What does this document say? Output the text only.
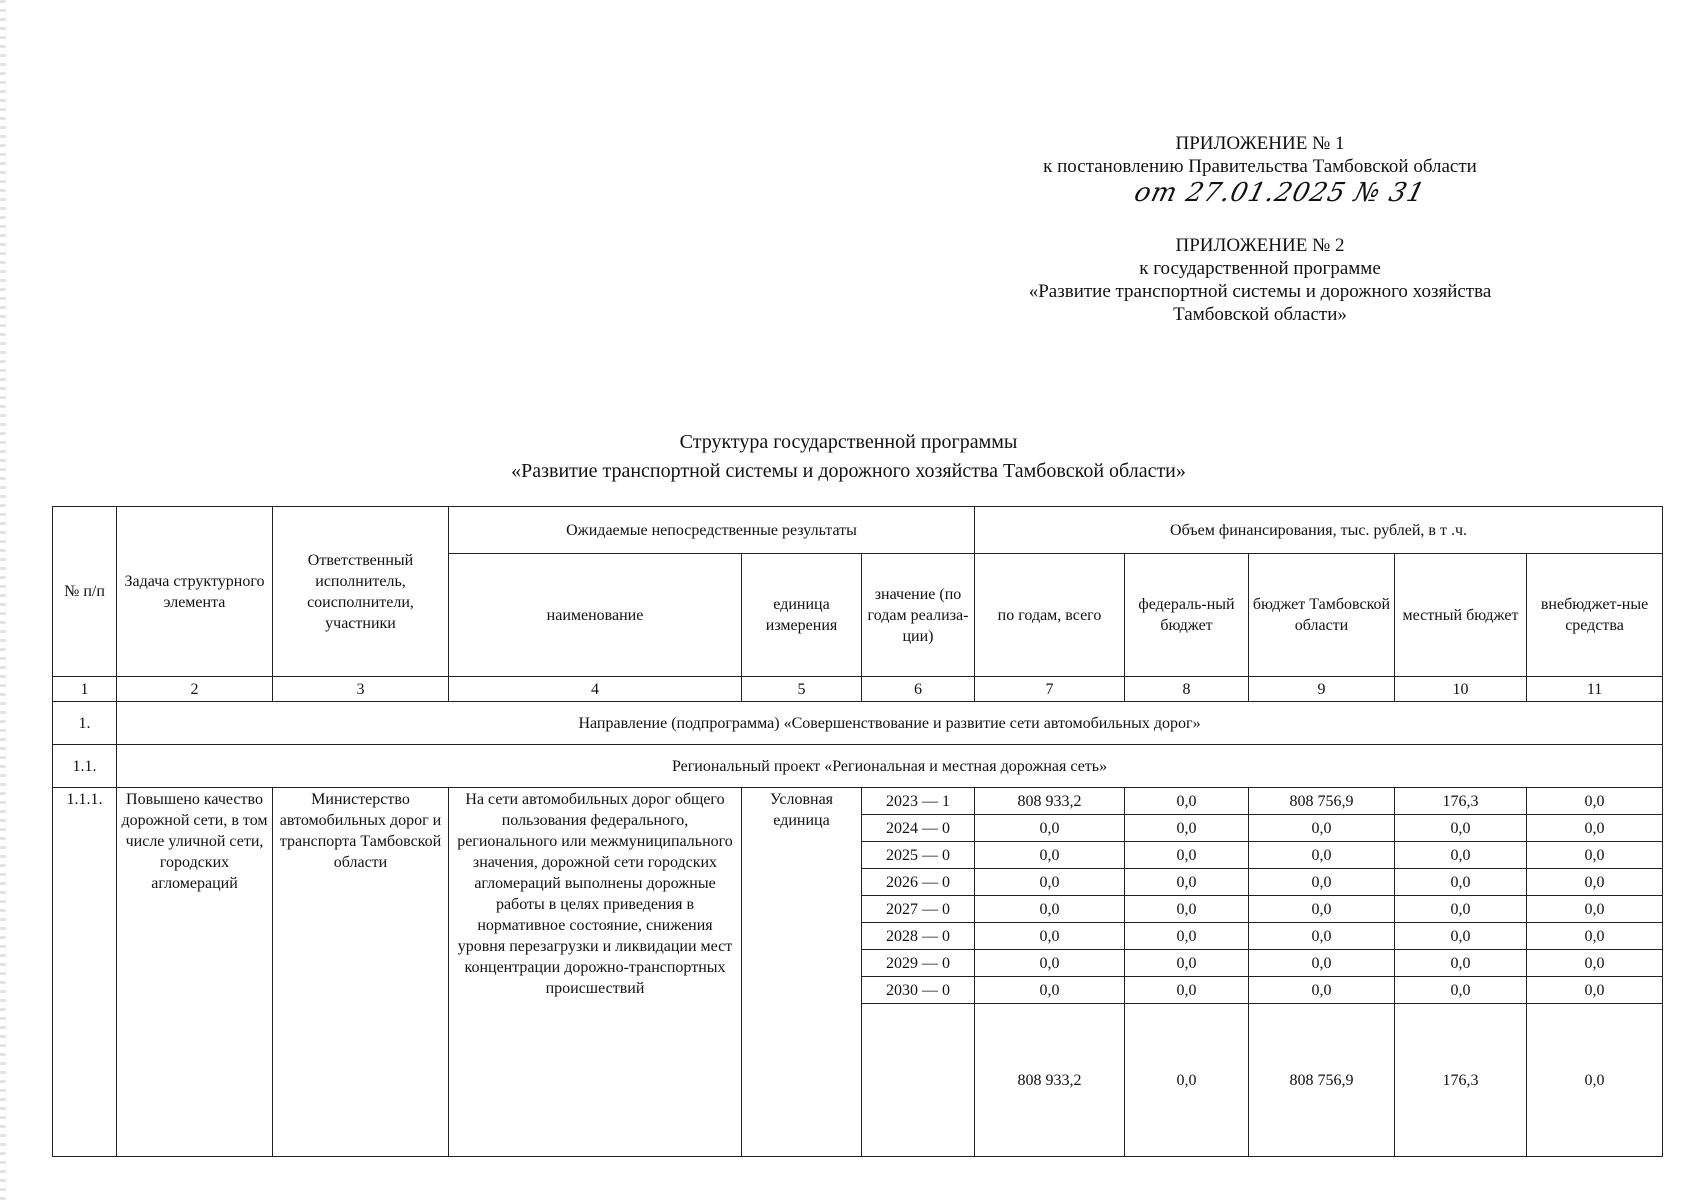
ПРИЛОЖЕНИЕ № 1
к постановлению Правительства Тамбовской области
от 27.01.2025 № 31
ПРИЛОЖЕНИЕ № 2
к государственной программе
«Развитие транспортной системы и дорожного хозяйства
Тамбовской области»
Структура государственной программы
«Развитие транспортной системы и дорожного хозяйства Тамбовской области»
№ п/п	Задача структурного элемента	Ответственный исполнитель, соисполнители, участники	Ожидаемые непосредственные результаты			Объем финансирования, тыс. рублей, в т .ч.				
			наименование	единица измерения	значение (по годам реализа-ции)	по годам, всего	федераль-ный бюджет	бюджет Тамбовской области	местный бюджет	внебюджет-ные средства
1	2	3	4	5	6	7	8	9	10	11
1.	Направление (подпрограмма) «Совершенствование и развитие сети автомобильных дорог»									
1.1.	Региональный проект «Региональная и местная дорожная сеть»									
1.1.1.	Повышено качество дорожной сети, в том числе уличной сети, городских агломераций	Министерство автомобильных дорог и транспорта Тамбовской области	На сети автомобильных дорог общего пользования федерального, регионального или межмуниципального значения, дорожной сети городских агломераций выполнены дорожные работы в целях приведения в нормативное состояние, снижения уровня перезагрузки и ликвидации мест концентрации дорожно-транспортных происшествий	Условная единица	2023 — 1	808 933,2	0,0	808 756,9	176,3	0,0
					2024 — 0	0,0	0,0	0,0	0,0	0,0
					2025 — 0	0,0	0,0	0,0	0,0	0,0
					2026 — 0	0,0	0,0	0,0	0,0	0,0
					2027 — 0	0,0	0,0	0,0	0,0	0,0
					2028 — 0	0,0	0,0	0,0	0,0	0,0
					2029 — 0	0,0	0,0	0,0	0,0	0,0
					2030 — 0	0,0	0,0	0,0	0,0	0,0
						808 933,2	0,0	808 756,9	176,3	0,0
